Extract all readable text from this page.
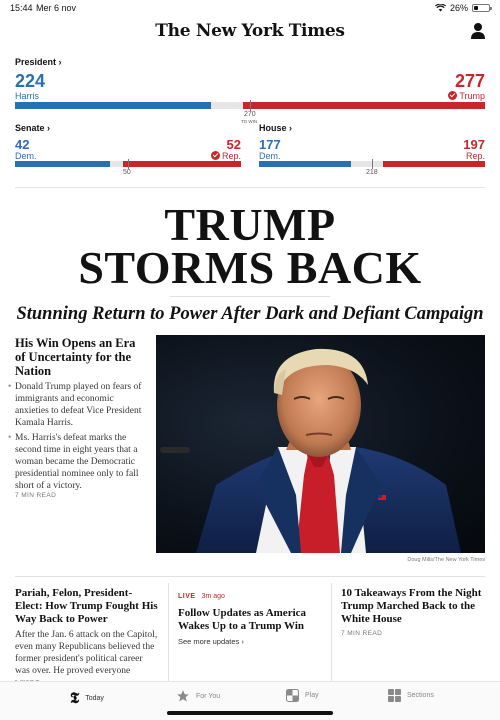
15:44 Mer 6 nov	26%
The New York Times
President ›
224
Harris
277
Trump
270
TO WIN
Senate ›
42
Dem.
52
Rep.
50
House ›
177
Dem.
197
Rep.
218
TRUMP
STORMS BACK
Stunning Return to Power After Dark and Defiant Campaign
His Win Opens an Era of Uncertainty for the Nation
• Donald Trump played on fears of immigrants and economic anxieties to defeat Vice President Kamala Harris.
• Ms. Harris's defeat marks the second time in eight years that a woman became the Democratic presidential nominee only to fall short of a victory.
7 MIN READ
Doug Mills/The New York Times
Pariah, Felon, President-Elect: How Trump Fought His Way Back to Power
After the Jan. 6 attack on the Capitol, even many Republicans believed the former president's political career was over. He proved everyone
LIVE 3m ago
Follow Updates as America Wakes Up to a Trump Win
See more updates ›
10 Takeaways From the Night Trump Marched Back to the White House
7 MIN READ
𝕿 Today	For You	Play	Sections
